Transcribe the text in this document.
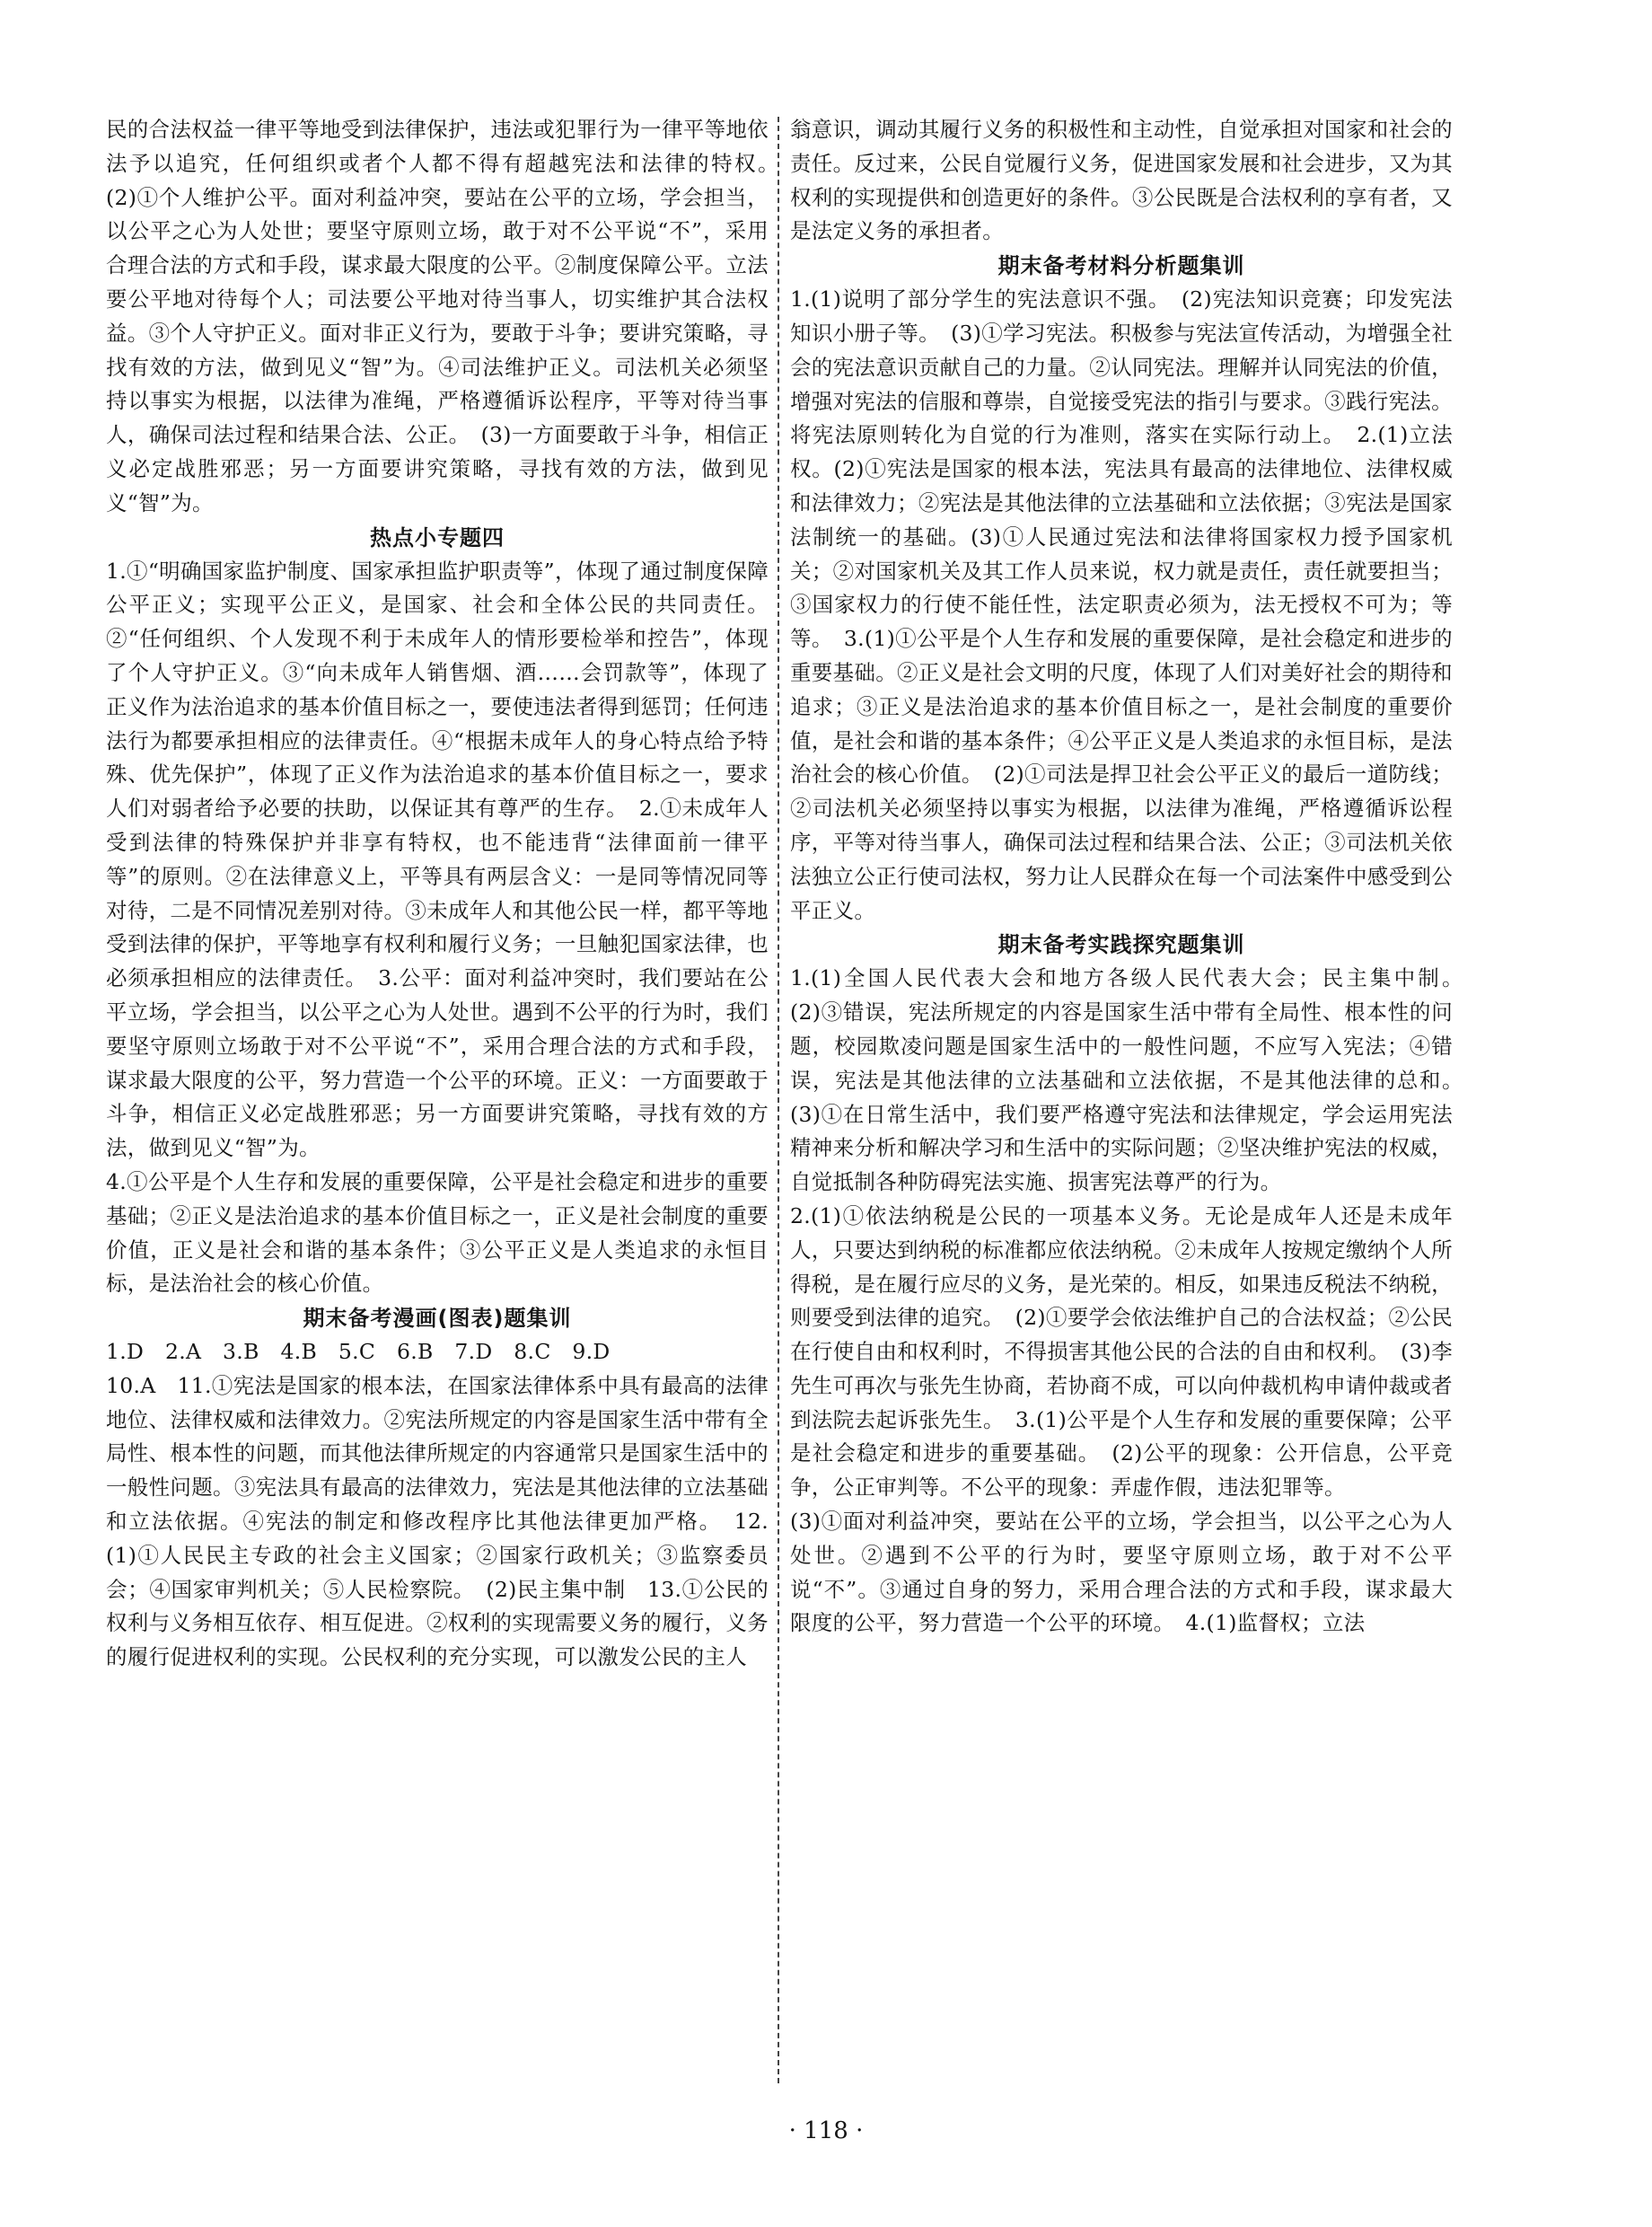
民的合法权益一律平等地受到法律保护，违法或犯罪行为一律平等地依法予以追究，任何组织或者个人都不得有超越宪法和法律的特权。　(2)①个人维护公平。面对利益冲突，要站在公平的立场，学会担当，以公平之心为人处世；要坚守原则立场，敢于对不公平说“不”，采用合理合法的方式和手段，谋求最大限度的公平。②制度保障公平。立法要公平地对待每个人；司法要公平地对待当事人，切实维护其合法权益。③个人守护正义。面对非正义行为，要敢于斗争；要讲究策略，寻找有效的方法，做到见义“智”为。④司法维护正义。司法机关必须坚持以事实为根据，以法律为准绳，严格遵循诉讼程序，平等对待当事人，确保司法过程和结果合法、公正。　(3)一方面要敢于斗争，相信正义必定战胜邪恶；另一方面要讲究策略，寻找有效的方法，做到见义“智”为。

热点小专题四

1.①“明确国家监护制度、国家承担监护职责等”，体现了通过制度保障公平正义；实现平公正义，是国家、社会和全体公民的共同责任。②“任何组织、个人发现不利于未成年人的情形要检举和控告”，体现了个人守护正义。③“向未成年人销售烟、酒……会罚款等”，体现了正义作为法治追求的基本价值目标之一，要使违法者得到惩罚；任何违法行为都要承担相应的法律责任。④“根据未成年人的身心特点给予特殊、优先保护”，体现了正义作为法治追求的基本价值目标之一，要求人们对弱者给予必要的扶助，以保证其有尊严的生存。　2.①未成年人受到法律的特殊保护并非享有特权，也不能违背“法律面前一律平等”的原则。②在法律意义上，平等具有两层含义：一是同等情况同等对待，二是不同情况差别对待。③未成年人和其他公民一样，都平等地受到法律的保护，平等地享有权利和履行义务；一旦触犯国家法律，也必须承担相应的法律责任。　3.公平：面对利益冲突时，我们要站在公平立场，学会担当，以公平之心为人处世。遇到不公平的行为时，我们要坚守原则立场敢于对不公平说“不”，采用合理合法的方式和手段，谋求最大限度的公平，努力营造一个公平的环境。正义：一方面要敢于斗争，相信正义必定战胜邪恶；另一方面要讲究策略，寻找有效的方法，做到见义“智”为。

4.①公平是个人生存和发展的重要保障，公平是社会稳定和进步的重要基础；②正义是法治追求的基本价值目标之一，正义是社会制度的重要价值，正义是社会和谐的基本条件；③公平正义是人类追求的永恒目标，是法治社会的核心价值。

期末备考漫画(图表)题集训

1.D　2.A　3.B　4.B　5.C　6.B　7.D　8.C　9.D

10.A　11.①宪法是国家的根本法，在国家法律体系中具有最高的法律地位、法律权威和法律效力。②宪法所规定的内容是国家生活中带有全局性、根本性的问题，而其他法律所规定的内容通常只是国家生活中的一般性问题。③宪法具有最高的法律效力，宪法是其他法律的立法基础和立法依据。④宪法的制定和修改程序比其他法律更加严格。　12.(1)①人民民主专政的社会主义国家；②国家行政机关；③监察委员会；④国家审判机关；⑤人民检察院。　(2)民主集中制　13.①公民的权利与义务相互依存、相互促进。②权利的实现需要义务的履行，义务的履行促进权利的实现。公民权利的充分实现，可以激发公民的主人

翁意识，调动其履行义务的积极性和主动性，自觉承担对国家和社会的责任。反过来，公民自觉履行义务，促进国家发展和社会进步，又为其权利的实现提供和创造更好的条件。③公民既是合法权利的享有者，又是法定义务的承担者。

期末备考材料分析题集训

1.(1)说明了部分学生的宪法意识不强。　(2)宪法知识竞赛；印发宪法知识小册子等。　(3)①学习宪法。积极参与宪法宣传活动，为增强全社会的宪法意识贡献自己的力量。②认同宪法。理解并认同宪法的价值，增强对宪法的信服和尊崇，自觉接受宪法的指引与要求。③践行宪法。将宪法原则转化为自觉的行为准则，落实在实际行动上。　2.(1)立法权。(2)①宪法是国家的根本法，宪法具有最高的法律地位、法律权威和法律效力；②宪法是其他法律的立法基础和立法依据；③宪法是国家法制统一的基础。(3)①人民通过宪法和法律将国家权力授予国家机关；②对国家机关及其工作人员来说，权力就是责任，责任就要担当；③国家权力的行使不能任性，法定职责必须为，法无授权不可为；等等。　3.(1)①公平是个人生存和发展的重要保障，是社会稳定和进步的重要基础。②正义是社会文明的尺度，体现了人们对美好社会的期待和追求；③正义是法治追求的基本价值目标之一，是社会制度的重要价值，是社会和谐的基本条件；④公平正义是人类追求的永恒目标，是法治社会的核心价值。　(2)①司法是捍卫社会公平正义的最后一道防线；②司法机关必须坚持以事实为根据，以法律为准绳，严格遵循诉讼程序，平等对待当事人，确保司法过程和结果合法、公正；③司法机关依法独立公正行使司法权，努力让人民群众在每一个司法案件中感受到公平正义。

期末备考实践探究题集训

1.(1)全国人民代表大会和地方各级人民代表大会；民主集中制。　(2)③错误，宪法所规定的内容是国家生活中带有全局性、根本性的问题，校园欺凌问题是国家生活中的一般性问题，不应写入宪法；④错误，宪法是其他法律的立法基础和立法依据，不是其他法律的总和。　(3)①在日常生活中，我们要严格遵守宪法和法律规定，学会运用宪法精神来分析和解决学习和生活中的实际问题；②坚决维护宪法的权威，自觉抵制各种防碍宪法实施、损害宪法尊严的行为。

2.(1)①依法纳税是公民的一项基本义务。无论是成年人还是未成年人，只要达到纳税的标准都应依法纳税。②未成年人按规定缴纳个人所得税，是在履行应尽的义务，是光荣的。相反，如果违反税法不纳税，则要受到法律的追究。　(2)①要学会依法维护自己的合法权益；②公民在行使自由和权利时，不得损害其他公民的合法的自由和权利。　(3)李先生可再次与张先生协商，若协商不成，可以向仲裁机构申请仲裁或者到法院去起诉张先生。　3.(1)公平是个人生存和发展的重要保障；公平是社会稳定和进步的重要基础。　(2)公平的现象：公开信息，公平竞争，公正审判等。不公平的现象：弄虚作假，违法犯罪等。

(3)①面对利益冲突，要站在公平的立场，学会担当，以公平之心为人处世。②遇到不公平的行为时，要坚守原则立场，敢于对不公平说“不”。③通过自身的努力，采用合理合法的方式和手段，谋求最大限度的公平，努力营造一个公平的环境。　4.(1)监督权；立法

· 118 ·
